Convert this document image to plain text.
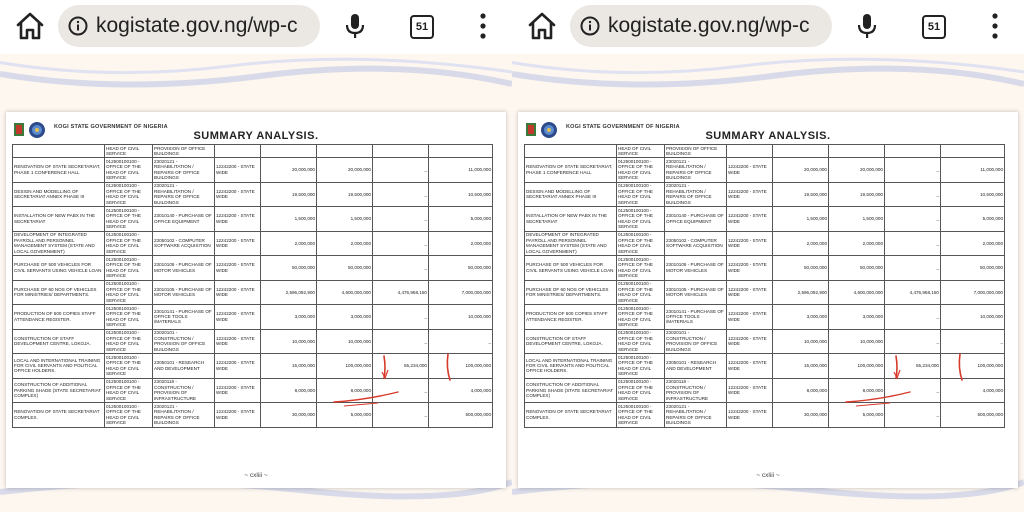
kogistate.gov.ng/wp-c	51
KOGI STATE GOVERNMENT OF NIGERIA
SUMMARY ANALYSIS.
	HEAD OF CIVIL SERVICE	PROVISION OF OFFICE BUILDINGS					
RENOVATION OF STATE SECRETARIAT, PHASE 1 CONFERENCE HALL	012500100100 - OFFICE OF THE HEAD OF CIVIL SERVICE	23020121 - REHABILITATION / REPAIRS OF OFFICE BUILDINGS	12242200 - STATE WIDE	20,000,000	20,000,000	_	11,000,000
DESIGN AND MODELLING OF SECRETARIAT ANNEX PHASE III	012500100100 - OFFICE OF THE HEAD OF CIVIL SERVICE	23020121 - REHABILITATION / REPAIRS OF OFFICE BUILDINGS	12242200 - STATE WIDE	19,500,000	19,500,000	_	10,500,000
INSTALLATION OF NEW PABX IN THE SECRETARIAT	012500100100 - OFFICE OF THE HEAD OF CIVIL SERVICE	23010140 - PURCHASE OF OFFICE EQUIPMENT	12242200 - STATE WIDE	1,500,000	1,500,000	_	5,000,000
DEVELOPMENT OF INTEGRATED PAYROLL AND PERSONNEL MANAGEMENT SYSTEM (STATE AND LOCAL GOVERNMENT)	012500100100 - OFFICE OF THE HEAD OF CIVIL SERVICE	23050102 - COMPUTER SOFTWARE ACQUISITION	12242200 - STATE WIDE	2,000,000	2,000,000	_	2,000,000
PURCHASE OF 500 VEHICLES FOR CIVIL SERVANTS USING VEHICLE LOAN	012500100100 - OFFICE OF THE HEAD OF CIVIL SERVICE	23010105 - PURCHASE OF MOTOR VEHICLES	12242200 - STATE WIDE	50,000,000	50,000,000	_	50,000,000
PURCHASE OF 60 NOS OF VEHICLES FOR MINISTRIES/ DEPARTMENTS.	012500100100 - OFFICE OF THE HEAD OF CIVIL SERVICE	23010105 - PURCHASE OF MOTOR VEHICLES	12242200 - STATE WIDE	2,596,092,900	4,600,000,000	4,476,958,150	7,000,000,000
PRODUCTION OF 500 COPIES STAFF ATTENDANCE REGISTER.	012500100100 - OFFICE OF THE HEAD OF CIVIL SERVICE	23010141 - PURCHASE OF OFFICE TOOLS /MATERIALS	12242200 - STATE WIDE	3,000,000	3,000,000	_	10,000,000
CONSTRUCTION OF STAFF DEVELOPMENT CENTRE, LOKOJA.	012500100100 - OFFICE OF THE HEAD OF CIVIL SERVICE	23020101 - CONSTRUCTION / PROVISION OF OFFICE BUILDINGS	12242200 - STATE WIDE	10,000,000	10,000,000	_	_
LOCAL AND INTERNATIONAL TRAINING FOR CIVIL SERVANTS AND POLITICAL OFFICE HOLDERS.	012500100100 - OFFICE OF THE HEAD OF CIVIL SERVICE	23050101 - RESEARCH AND DEVELOPMENT	12242200 - STATE WIDE	15,000,000	100,000,000	55,234,000	100,000,000
CONSTRUCTION OF ADDITIONAL PARKING SHADE (STATE SECRETARIAT COMPLEX)	012500100100 - OFFICE OF THE HEAD OF CIVIL SERVICE	23020118 - CONSTRUCTION / PROVISION OF INFRASTRUCTURE	12242200 - STATE WIDE	8,000,000	8,000,000	_	4,000,000
RENOVATION OF STATE SECRETARIAT COMPLEX.	012500100100 - OFFICE OF THE HEAD OF CIVIL SERVICE	23020121 - REHABILITATION / REPAIRS OF OFFICE BUILDINGS	12242200 - STATE WIDE	30,000,000	5,000,000	_	500,000,000
~ cxliii ~
kogistate.gov.ng/wp-c	51
KOGI STATE GOVERNMENT OF NIGERIA
SUMMARY ANALYSIS.
	HEAD OF CIVIL SERVICE	PROVISION OF OFFICE BUILDINGS					
RENOVATION OF STATE SECRETARIAT, PHASE 1 CONFERENCE HALL	012500100100 - OFFICE OF THE HEAD OF CIVIL SERVICE	23020121 - REHABILITATION / REPAIRS OF OFFICE BUILDINGS	12242200 - STATE WIDE	20,000,000	20,000,000	_	11,000,000
DESIGN AND MODELLING OF SECRETARIAT ANNEX PHASE III	012500100100 - OFFICE OF THE HEAD OF CIVIL SERVICE	23020121 - REHABILITATION / REPAIRS OF OFFICE BUILDINGS	12242200 - STATE WIDE	19,500,000	19,500,000	_	10,500,000
INSTALLATION OF NEW PABX IN THE SECRETARIAT	012500100100 - OFFICE OF THE HEAD OF CIVIL SERVICE	23010140 - PURCHASE OF OFFICE EQUIPMENT	12242200 - STATE WIDE	1,500,000	1,500,000	_	5,000,000
DEVELOPMENT OF INTEGRATED PAYROLL AND PERSONNEL MANAGEMENT SYSTEM (STATE AND LOCAL GOVERNMENT)	012500100100 - OFFICE OF THE HEAD OF CIVIL SERVICE	23050102 - COMPUTER SOFTWARE ACQUISITION	12242200 - STATE WIDE	2,000,000	2,000,000	_	2,000,000
PURCHASE OF 500 VEHICLES FOR CIVIL SERVANTS USING VEHICLE LOAN	012500100100 - OFFICE OF THE HEAD OF CIVIL SERVICE	23010105 - PURCHASE OF MOTOR VEHICLES	12242200 - STATE WIDE	50,000,000	50,000,000	_	50,000,000
PURCHASE OF 60 NOS OF VEHICLES FOR MINISTRIES/ DEPARTMENTS.	012500100100 - OFFICE OF THE HEAD OF CIVIL SERVICE	23010105 - PURCHASE OF MOTOR VEHICLES	12242200 - STATE WIDE	2,596,092,900	4,600,000,000	4,476,958,150	7,000,000,000
PRODUCTION OF 500 COPIES STAFF ATTENDANCE REGISTER.	012500100100 - OFFICE OF THE HEAD OF CIVIL SERVICE	23010141 - PURCHASE OF OFFICE TOOLS /MATERIALS	12242200 - STATE WIDE	3,000,000	3,000,000	_	10,000,000
CONSTRUCTION OF STAFF DEVELOPMENT CENTRE, LOKOJA.	012500100100 - OFFICE OF THE HEAD OF CIVIL SERVICE	23020101 - CONSTRUCTION / PROVISION OF OFFICE BUILDINGS	12242200 - STATE WIDE	10,000,000	10,000,000	_	_
LOCAL AND INTERNATIONAL TRAINING FOR CIVIL SERVANTS AND POLITICAL OFFICE HOLDERS.	012500100100 - OFFICE OF THE HEAD OF CIVIL SERVICE	23050101 - RESEARCH AND DEVELOPMENT	12242200 - STATE WIDE	15,000,000	100,000,000	55,234,000	100,000,000
CONSTRUCTION OF ADDITIONAL PARKING SHADE (STATE SECRETARIAT COMPLEX)	012500100100 - OFFICE OF THE HEAD OF CIVIL SERVICE	23020118 - CONSTRUCTION / PROVISION OF INFRASTRUCTURE	12242200 - STATE WIDE	8,000,000	8,000,000	_	4,000,000
RENOVATION OF STATE SECRETARIAT COMPLEX.	012500100100 - OFFICE OF THE HEAD OF CIVIL SERVICE	23020121 - REHABILITATION / REPAIRS OF OFFICE BUILDINGS	12242200 - STATE WIDE	30,000,000	5,000,000	_	500,000,000
~ cxliii ~
